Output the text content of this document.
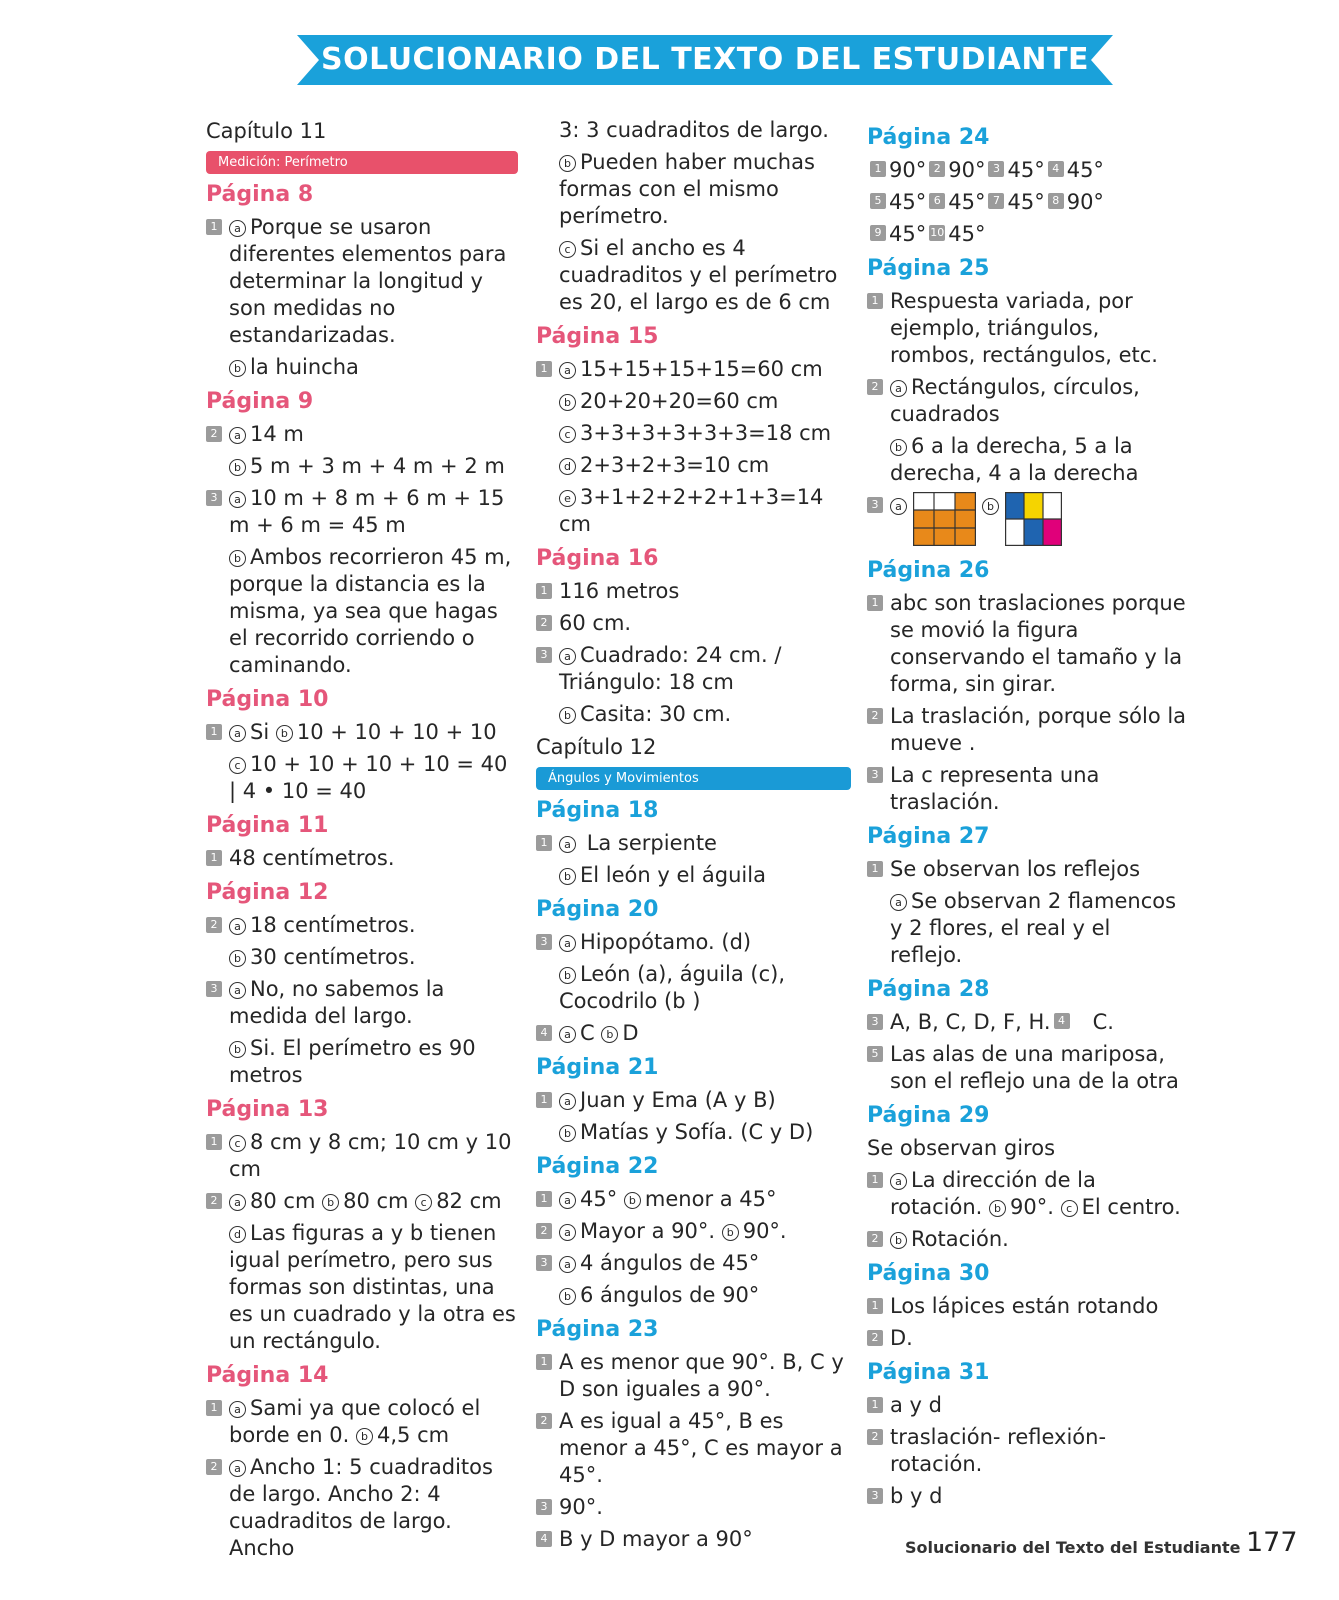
SOLUCIONARIO DEL TEXTO DEL ESTUDIANTE
Capítulo 11
Medición: Perímetro
Página 8
1	a Porque se usaron diferentes elementos para determinar la longitud y son medidas no estandarizadas.
b la huincha
Página 9
2	a 14 m
b 5 m + 3 m + 4 m + 2 m
3	a 10 m + 8 m + 6 m + 15 m + 6 m = 45 m
b Ambos recorrieron 45 m, porque la distancia es la misma, ya sea que hagas el recorrido corriendo o caminando.
Página 10
1	a Si b 10 + 10 + 10 + 10
c 10 + 10 + 10 + 10 = 40 | 4 • 10 = 40
Página 11
1 48 centímetros.
Página 12
2	a 18 centímetros.
b 30 centímetros.
3	a No, no sabemos la medida del largo.
b Si. El perímetro es 90 metros
Página 13
1	c 8 cm y 8 cm; 10 cm y 10 cm
2	a 80 cm b 80 cm c 82 cm
d Las figuras a y b tienen igual perímetro, pero sus formas son distintas, una es un cuadrado y la otra es un rectángulo.
Página 14
1	a Sami ya que colocó el borde en 0. b 4,5 cm
2	a Ancho 1: 5 cuadraditos de largo. Ancho 2: 4 cuadraditos de largo. Ancho
3: 3 cuadraditos de largo.
b Pueden haber muchas formas con el mismo perímetro.
c Si el ancho es 4 cuadraditos y el perímetro es 20, el largo es de 6 cm
Página 15
1	a 15+15+15+15=60 cm
b 20+20+20=60 cm
c 3+3+3+3+3+3=18 cm
d 2+3+2+3=10 cm
e 3+1+2+2+2+1+3=14 cm
Página 16
1 116 metros
2 60 cm.
3	a Cuadrado: 24 cm. / Triángulo: 18 cm
b Casita: 30 cm.
Capítulo 12
Ángulos y Movimientos
Página 18
1	a La serpiente
b El león y el águila
Página 20
3	a Hipopótamo. (d)
b León (a), águila (c), Cocodrilo (b )
4	a C b D
Página 21
1	a Juan y Ema (A y B)
b Matías y Sofía. (C y D)
Página 22
1	a 45° b menor a 45°
2	a Mayor a 90°. b 90°.
3	a 4 ángulos de 45°
b 6 ángulos de 90°
Página 23
1 A es menor que 90°. B, C y D son iguales a 90°.
2 A es igual a 45°, B es menor a 45°, C es mayor a 45°.
3 90°.
4 B y D mayor a 90°
Página 24
1 90° 2 90° 3 45° 4 45°
5 45° 6 45° 7 45° 8 90°
9 45° 10 45°
Página 25
1 Respuesta variada, por ejemplo, triángulos, rombos, rectángulos, etc.
2	a Rectángulos, círculos, cuadrados
b 6 a la derecha, 5 a la derecha, 4 a la derecha
3	a	b
Página 26
1 abc son traslaciones porque se movió la figura conservando el tamaño y la forma, sin girar.
2 La traslación, porque sólo la mueve .
3 La c representa una traslación.
Página 27
1 Se observan los reflejos
a Se observan 2 flamencos y 2 flores, el real y el reflejo.
Página 28
3 A, B, C, D, F, H. 4 C.
5 Las alas de una mariposa, son el reflejo una de la otra
Página 29
Se observan giros
1	a La dirección de la rotación. b 90°. c El centro.
2	b Rotación.
Página 30
1 Los lápices están rotando
2 D.
Página 31
1 a y d
2 traslación- reflexión- rotación.
3 b y d
Solucionario del Texto del Estudiante 177
